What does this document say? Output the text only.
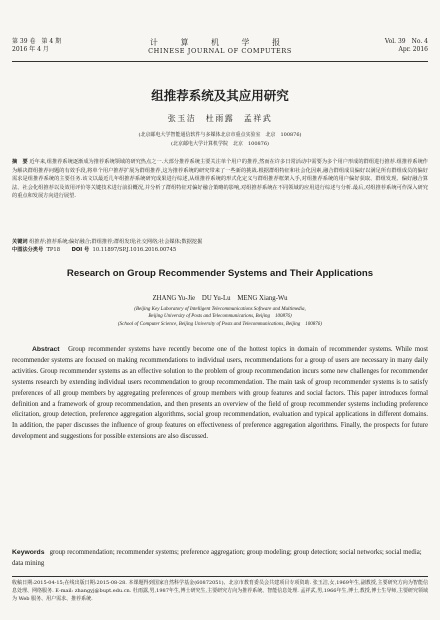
第 39 卷　第 4 期
2016 年 4 月
计 算 机 学 报
CHINESE JOURNAL OF COMPUTERS
Vol. 39　No. 4
Apr. 2016
组推荐系统及其应用研究
张玉洁　杜雨露　孟祥武
(北京邮电大学智能通信软件与多媒体北京市重点实验室　北京　100876)
(北京邮电大学计算机学院　北京　100876)
摘　要 近年来,组推荐系统逐渐成为推荐系统领域的研究热点之一.大部分推荐系统主要关注单个用户的推荐,然而在许多日常活动中需要为多个用户形成的群组进行推荐.组推荐系统作为解决群组推荐问题的有效手段,将单个用户推荐扩展为群组推荐,这为推荐系统的研究带来了一些新的挑战.根据群组特征和社会化因素,融合群组成员偏好以满足所有群组成员的偏好需求是组推荐系统的主要任务.该文以最近几年组推荐系统研究成果进行综述,从组推荐系统的形式化定义与群组推荐框架入手,对组推荐系统的用户偏好获取、群组发现、偏好融合算法、社会化组推荐以及效用评价等关键技术进行前沿概况,并分析了群组特征对偏好融合策略的影响,对组推荐系统在不同领域的应用进行综述与分析.最后,对组推荐系统可作深入研究的重点和发展方向进行展望.
关键词 组推荐;推荐系统;偏好融合;群组推荐;群组发现;社交网络;社会媒体;数据挖掘
中图法分类号 TP18 DOI 号 10.11897/SP.J.1016.2016.00745
Research on Group Recommender Systems and Their Applications
ZHANG Yu-Jie　DU Yu-Lu　MENG Xiang-Wu
(Beijing Key Laboratory of Intelligent Telecommunications Software and Multimedia,
Beijing University of Posts and Telecommunications, Beijing　100876)
(School of Computer Science, Beijing University of Posts and Telecommunications, Beijing　100876)
Abstract Group recommender systems have recently become one of the hottest topics in domain of recommender systems. While most recommender systems are focused on making recommendations to individual users, recommendations for a group of users are necessary in many daily activities. Group recommender systems as an effective solution to the problem of group recommendation incurs some new challenges for recommender systems research by extending individual users recommendation to group recommendation. The main task of group recommender systems is to satisfy preferences of all group members by aggregating preferences of group members with group features and social factors. This paper introduces formal definition and a framework of group recommendation, and then presents an overview of the field of group recommender systems including preference elicitation, group detection, preference aggregation algorithms, social group recommendation, evaluation and typical applications in different domains. In addition, the paper discusses the influence of group features on effectiveness of preference aggregation algorithms. Finally, the prospects for future development and suggestions for possible extensions are also discussed.
Keywords group recommendation; recommender systems; preference aggregation; group modeling; group detection; social networks; social media; data mining
收稿日期:2015-04-15;在线出版日期:2015-08-28. 本课题得到国家自然科学基金(60872051)、北京市教育委员会共建项目专项资助. 张玉洁,女,1969年生,副教授,主要研究方向为智能信息处理、网络服务. E-mail: zhangyj@bupt.edu.cn. 杜雨露,男,1987年生,博士研究生,主要研究方向为推荐系统、智能信息处理. 孟祥武,男,1966年生,博士,教授,博士生导师,主要研究领域为 Web 服务、用户需求、推荐系统.
